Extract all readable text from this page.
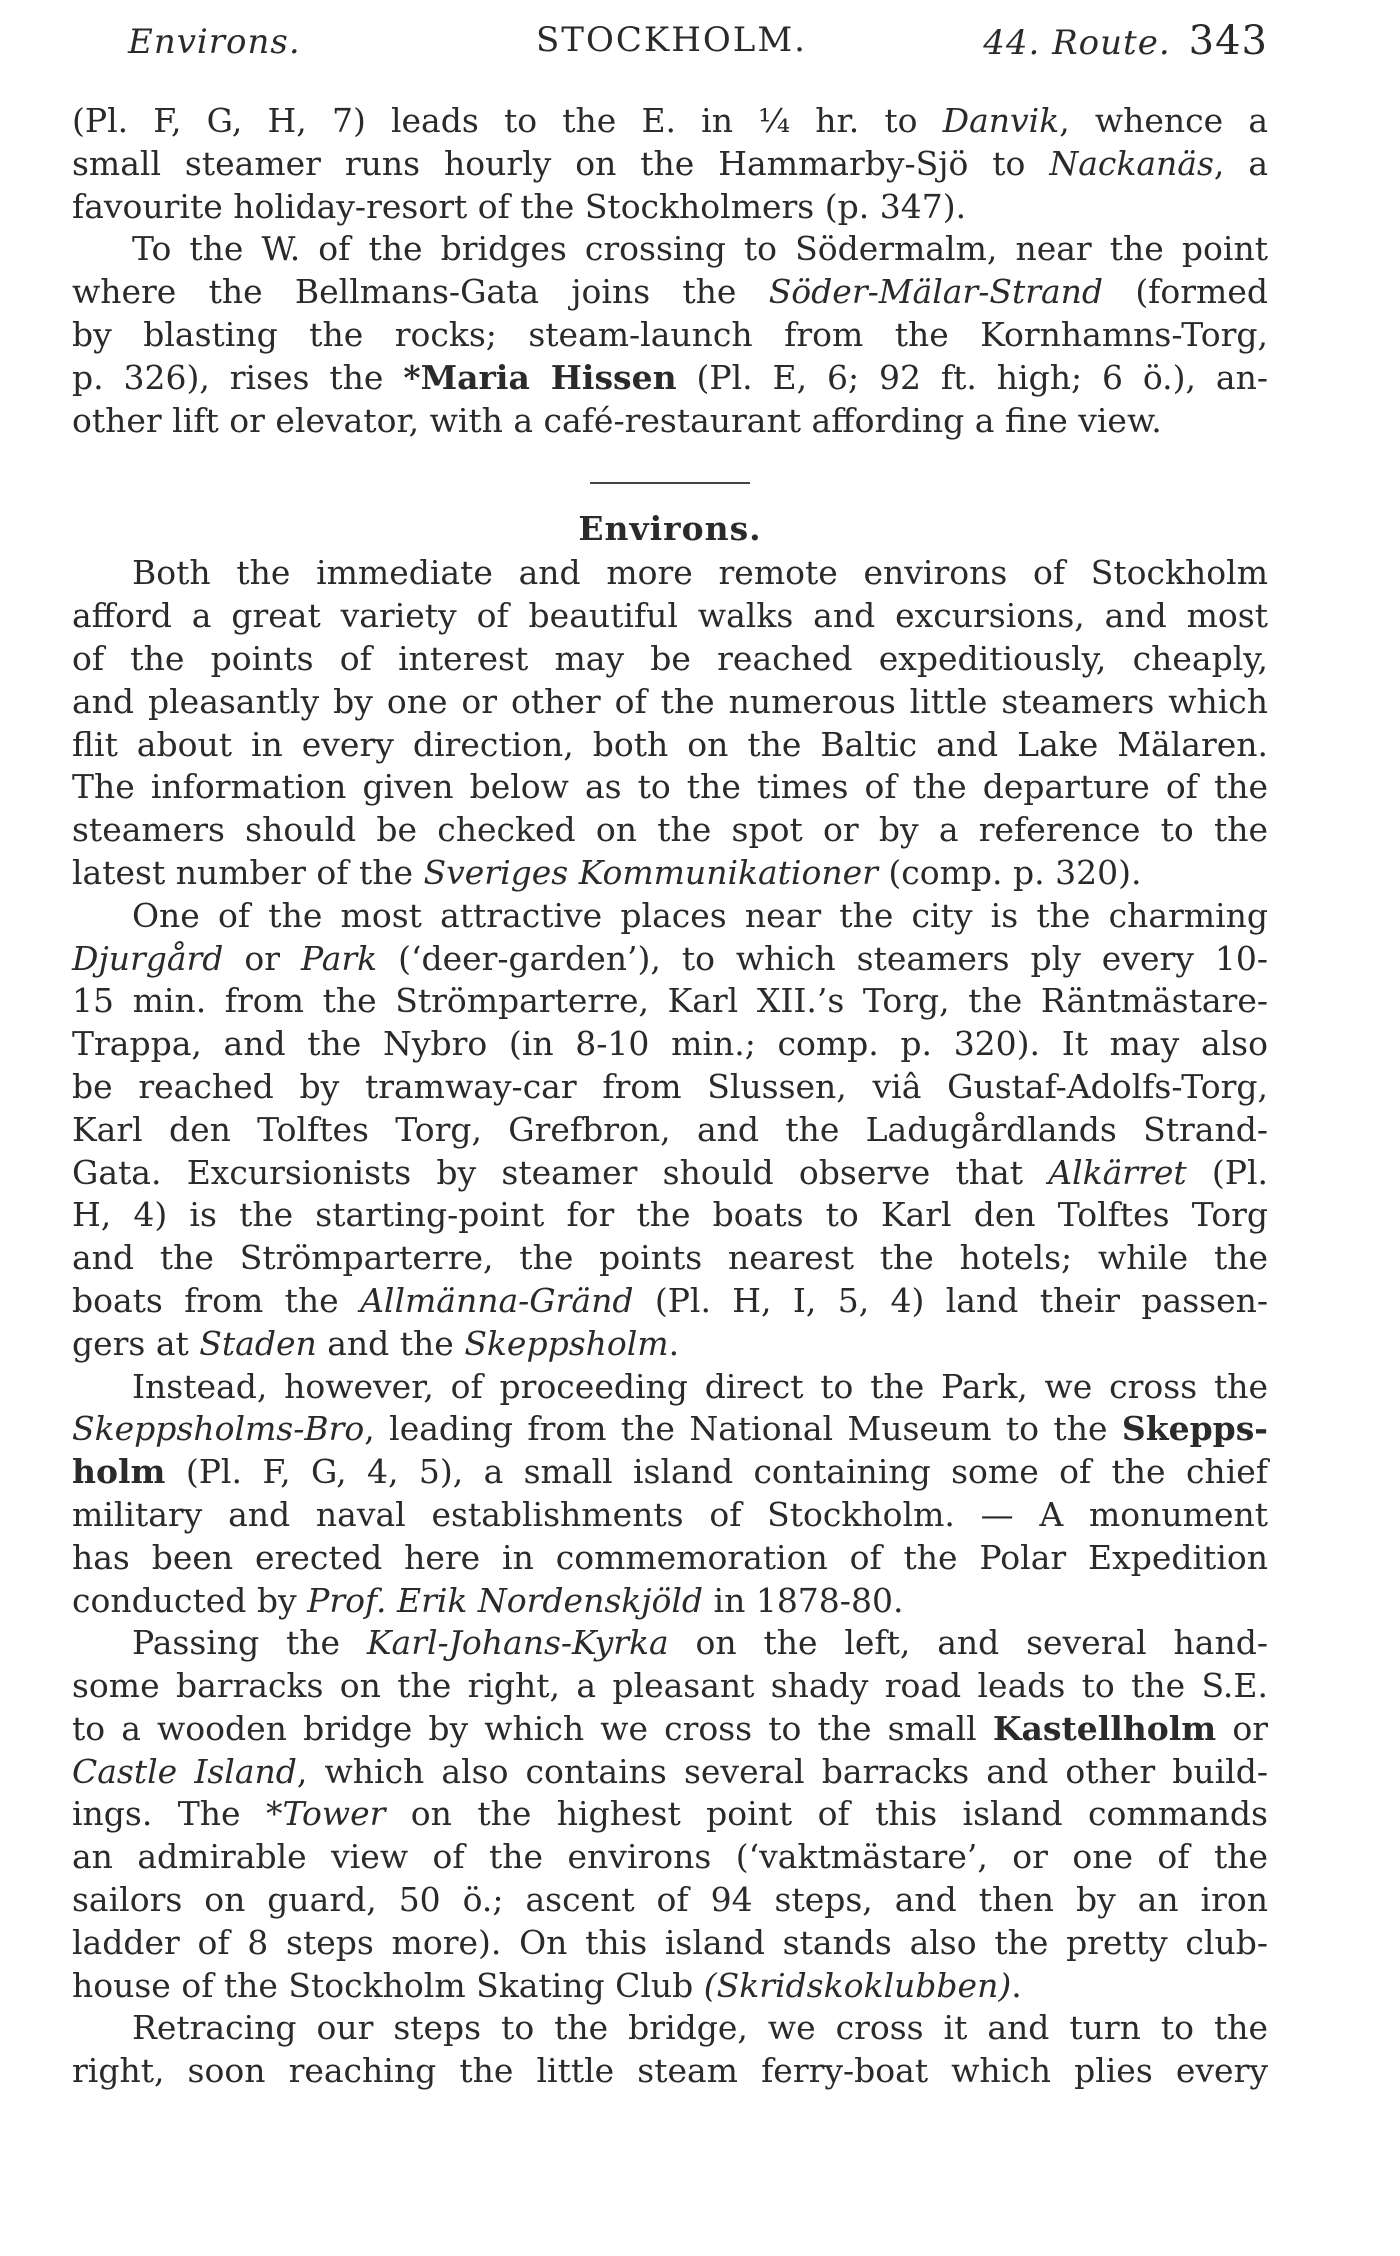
Environs.	STOCKHOLM.	44. Route. 343
(Pl. F, G, H, 7) leads to the E. in ¼ hr. to Danvik, whence a
small steamer runs hourly on the Hammarby-Sjö to Nackanäs, a
favourite holiday-resort of the Stockholmers (p. 347).
To the W. of the bridges crossing to Södermalm, near the point
where the Bellmans-Gata joins the Söder-Mälar-Strand (formed
by blasting the rocks; steam-launch from the Kornhamns-Torg,
p. 326), rises the *Maria Hissen (Pl. E, 6; 92 ft. high; 6 ö.), an-
other lift or elevator, with a café-restaurant affording a fine view.
Environs.
Both the immediate and more remote environs of Stockholm
afford a great variety of beautiful walks and excursions, and most
of the points of interest may be reached expeditiously, cheaply,
and pleasantly by one or other of the numerous little steamers which
flit about in every direction, both on the Baltic and Lake Mälaren.
The information given below as to the times of the departure of the
steamers should be checked on the spot or by a reference to the
latest number of the Sveriges Kommunikationer (comp. p. 320).
One of the most attractive places near the city is the charming
Djurgård or Park (‘deer-garden’), to which steamers ply every 10-
15 min. from the Strömparterre, Karl XII.’s Torg, the Räntmästare-
Trappa, and the Nybro (in 8-10 min.; comp. p. 320). It may also
be reached by tramway-car from Slussen, viâ Gustaf-Adolfs-Torg,
Karl den Tolftes Torg, Grefbron, and the Ladugårdlands Strand-
Gata. Excursionists by steamer should observe that Alkärret (Pl.
H, 4) is the starting-point for the boats to Karl den Tolftes Torg
and the Strömparterre, the points nearest the hotels; while the
boats from the Allmänna-Gränd (Pl. H, I, 5, 4) land their passen-
gers at Staden and the Skeppsholm.
Instead, however, of proceeding direct to the Park, we cross the
Skeppsholms-Bro, leading from the National Museum to the Skepps-
holm (Pl. F, G, 4, 5), a small island containing some of the chief
military and naval establishments of Stockholm. — A monument
has been erected here in commemoration of the Polar Expedition
conducted by Prof. Erik Nordenskjöld in 1878-80.
Passing the Karl-Johans-Kyrka on the left, and several hand-
some barracks on the right, a pleasant shady road leads to the S.E.
to a wooden bridge by which we cross to the small Kastellholm or
Castle Island, which also contains several barracks and other build-
ings. The *Tower on the highest point of this island commands
an admirable view of the environs (‘vaktmästare’, or one of the
sailors on guard, 50 ö.; ascent of 94 steps, and then by an iron
ladder of 8 steps more). On this island stands also the pretty club-
house of the Stockholm Skating Club (Skridskoklubben).
Retracing our steps to the bridge, we cross it and turn to the
right, soon reaching the little steam ferry-boat which plies every
